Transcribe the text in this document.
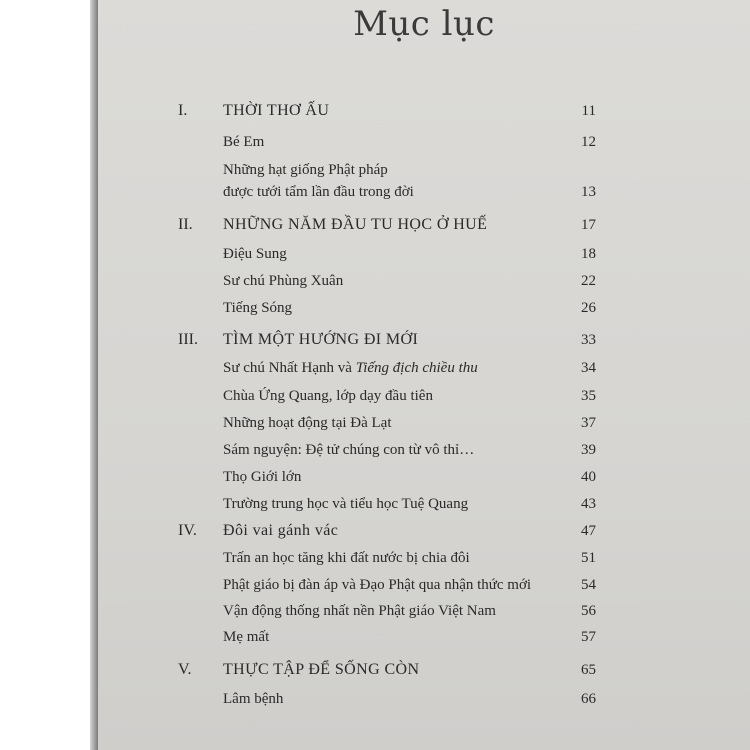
Mục lục
I. THỜI THƠ ẤU	11
Bé Em	12
Những hạt giống Phật pháp
được tưới tẩm lần đầu trong đời	13
II. NHỮNG NĂM ĐẦU TU HỌC Ở HUẾ	17
Điệu Sung	18
Sư chú Phùng Xuân	22
Tiếng Sóng	26
III. TÌM MỘT HƯỚNG ĐI MỚI	33
Sư chú Nhất Hạnh và Tiếng địch chiều thu	34
Chùa Ứng Quang, lớp dạy đầu tiên	35
Những hoạt động tại Đà Lạt	37
Sám nguyện: Đệ tử chúng con từ vô thỉ…	39
Thọ Giới lớn	40
Trường trung học và tiểu học Tuệ Quang	43
IV. Đôi vai gánh vác	47
Trấn an học tăng khi đất nước bị chia đôi	51
Phật giáo bị đàn áp và Đạo Phật qua nhận thức mới	54
Vận động thống nhất nền Phật giáo Việt Nam	56
Mẹ mất	57
V. THỰC TẬP ĐỂ SỐNG CÒN	65
Lâm bệnh	66
